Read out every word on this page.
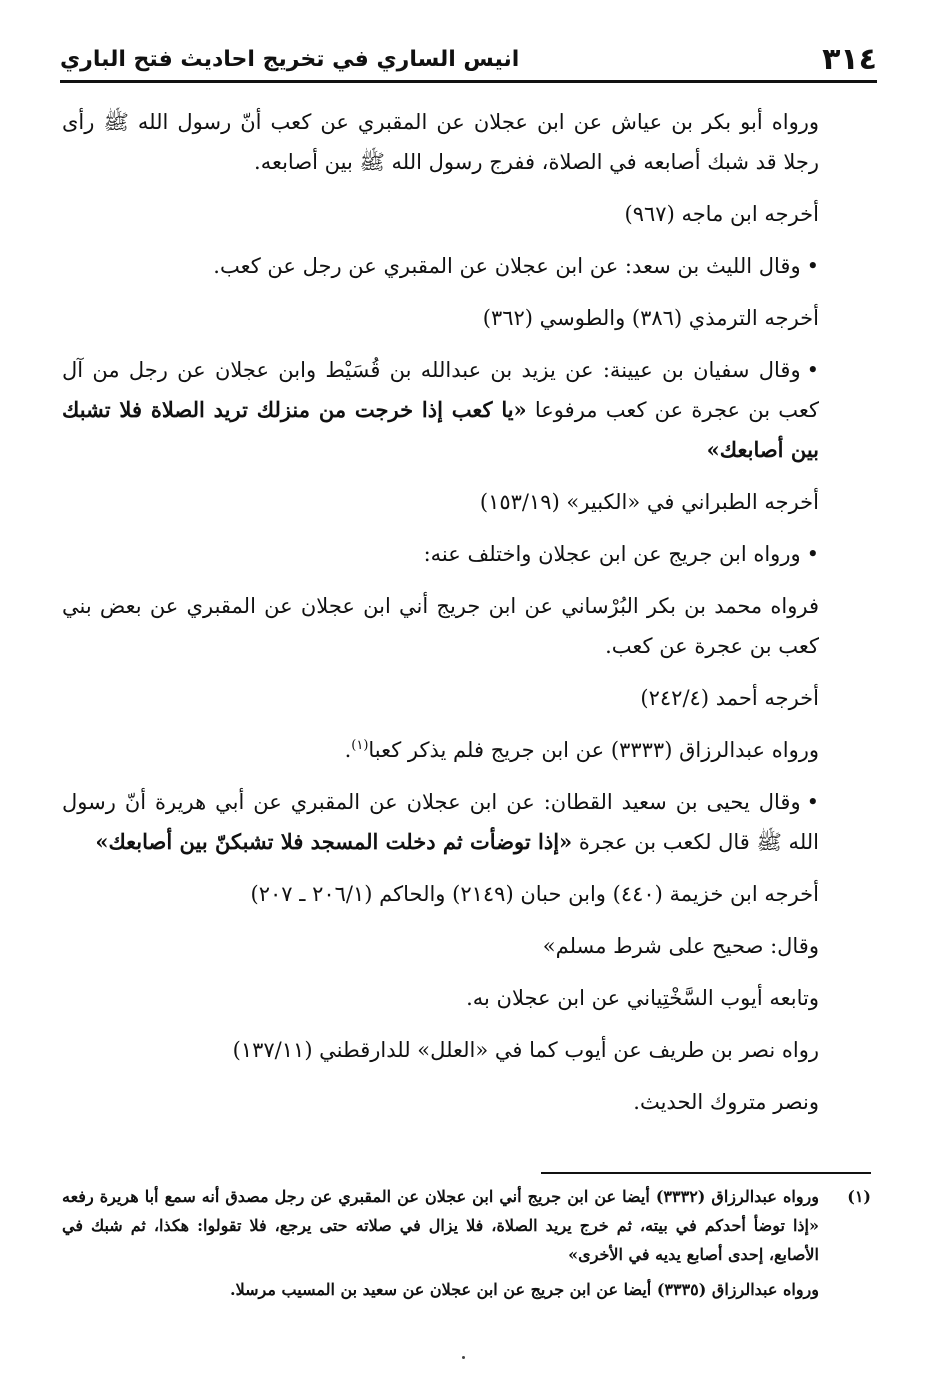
٣١٤
انيس الساري في تخريج احاديث فتح الباري

ورواه أبو بكر بن عياش عن ابن عجلان عن المقبري عن كعب أنّ رسول الله ﷺ رأى رجلا قد شبك أصابعه في الصلاة، ففرج رسول الله ﷺ بين أصابعه.

أخرجه ابن ماجه (٩٦٧)

•وقال الليث بن سعد: عن ابن عجلان عن المقبري عن رجل عن كعب.

أخرجه الترمذي (٣٨٦) والطوسي (٣٦٢)

•وقال سفيان بن عيينة: عن يزيد بن عبدالله بن قُسَيْط وابن عجلان عن رجل من آل كعب بن عجرة عن كعب مرفوعا «يا كعب إذا خرجت من منزلك تريد الصلاة فلا تشبك بين أصابعك»

أخرجه الطبراني في «الكبير» (١٥٣/١٩)

•ورواه ابن جريج عن ابن عجلان واختلف عنه:

فرواه محمد بن بكر البُرْساني عن ابن جريج أني ابن عجلان عن المقبري عن بعض بني كعب بن عجرة عن كعب.

أخرجه أحمد (٢٤٢/٤)

ورواه عبدالرزاق (٣٣٣٣) عن ابن جريج فلم يذكر كعبا$^{(١)}$.

•وقال يحيى بن سعيد القطان: عن ابن عجلان عن المقبري عن أبي هريرة أنّ رسول الله ﷺ قال لكعب بن عجرة «إذا توضأت ثم دخلت المسجد فلا تشبكنّ بين أصابعك»

أخرجه ابن خزيمة (٤٤٠) وابن حبان (٢١٤٩) والحاكم (٢٠٦/١ ـ ٢٠٧)

وقال: صحيح على شرط مسلم»

وتابعه أيوب السَّخْتِياني عن ابن عجلان به.

رواه نصر بن طريف عن أيوب كما في «العلل» للدارقطني (١٣٧/١١)

ونصر متروك الحديث.

(١)

ورواه عبدالرزاق (٣٣٣٢) أيضا عن ابن جريج أني ابن عجلان عن المقبري عن رجل مصدق أنه سمع أبا هريرة رفعه «إذا توضأ أحدكم في بيته، ثم خرج يريد الصلاة، فلا يزال في صلاته حتى يرجع، فلا تقولوا: هكذا، ثم شبك في الأصابع، إحدى أصابع يديه في الأخرى»

ورواه عبدالرزاق (٣٣٣٥) أيضا عن ابن جريج عن ابن عجلان عن سعيد بن المسيب مرسلا.
